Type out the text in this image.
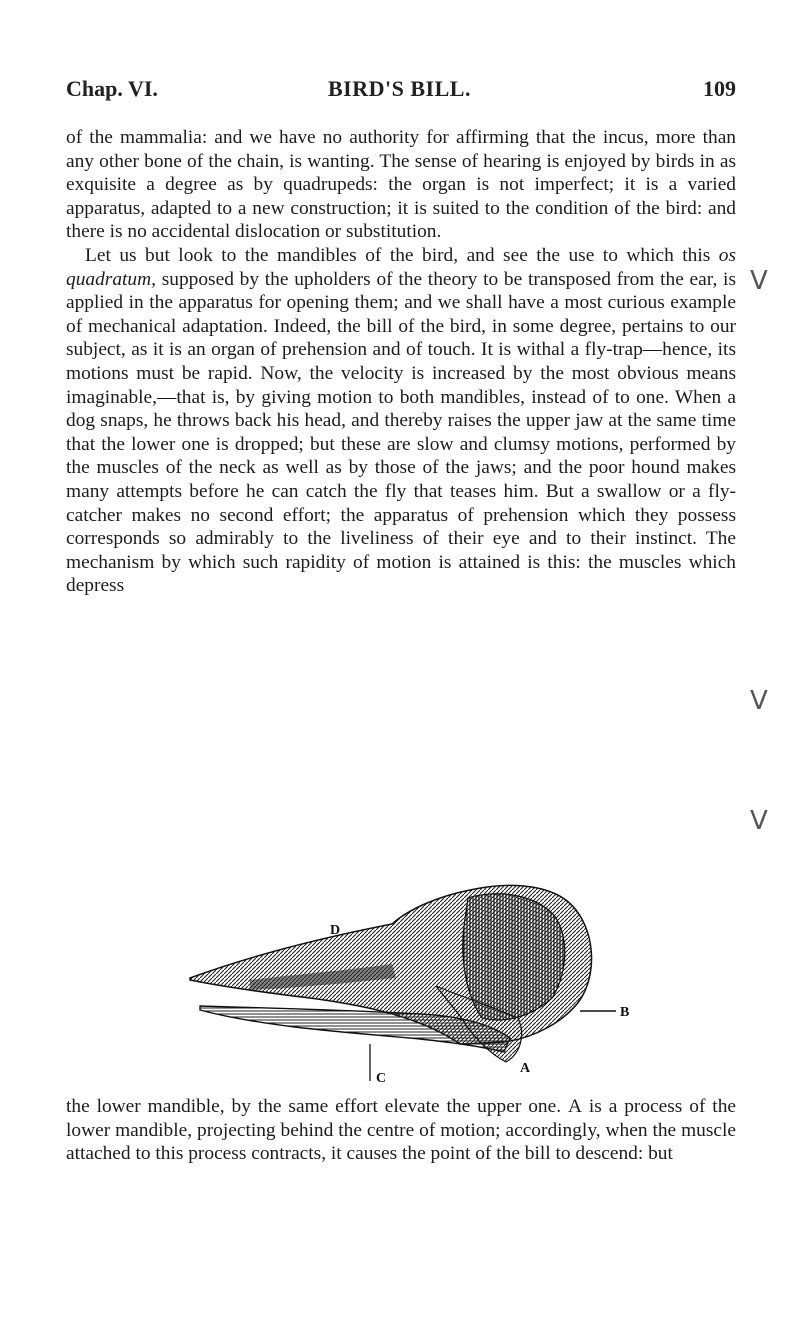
Chap. VI.	BIRD'S BILL.	109

of the mammalia: and we have no authority for affirming that the incus, more than any other bone of the chain, is wanting. The sense of hearing is enjoyed by birds in as exquisite a degree as by quadrupeds: the organ is not imperfect; it is a varied apparatus, adapted to a new construction; it is suited to the condition of the bird: and there is no accidental dislocation or substitution.

Let us but look to the mandibles of the bird, and see the use to which this os quadratum, supposed by the upholders of the theory to be transposed from the ear, is applied in the apparatus for opening them; and we shall have a most curious example of mechanical adaptation. Indeed, the bill of the bird, in some degree, pertains to our subject, as it is an organ of prehension and of touch. It is withal a fly-trap—hence, its motions must be rapid. Now, the velocity is increased by the most obvious means imaginable,—that is, by giving motion to both mandibles, instead of to one. When a dog snaps, he throws back his head, and thereby raises the upper jaw at the same time that the lower one is dropped; but these are slow and clumsy motions, performed by the muscles of the neck as well as by those of the jaws; and the poor hound makes many attempts before he can catch the fly that teases him. But a swallow or a fly-catcher makes no second effort; the apparatus of prehension which they possess corresponds so admirably to the liveliness of their eye and to their instinct. The mechanism by which such rapidity of motion is attained is this: the muscles which depress

V
V
V
D
B
A
C

the lower mandible, by the same effort elevate the upper one. A is a process of the lower mandible, projecting behind the centre of motion; accordingly, when the muscle attached to this process contracts, it causes the point of the bill to descend: but
